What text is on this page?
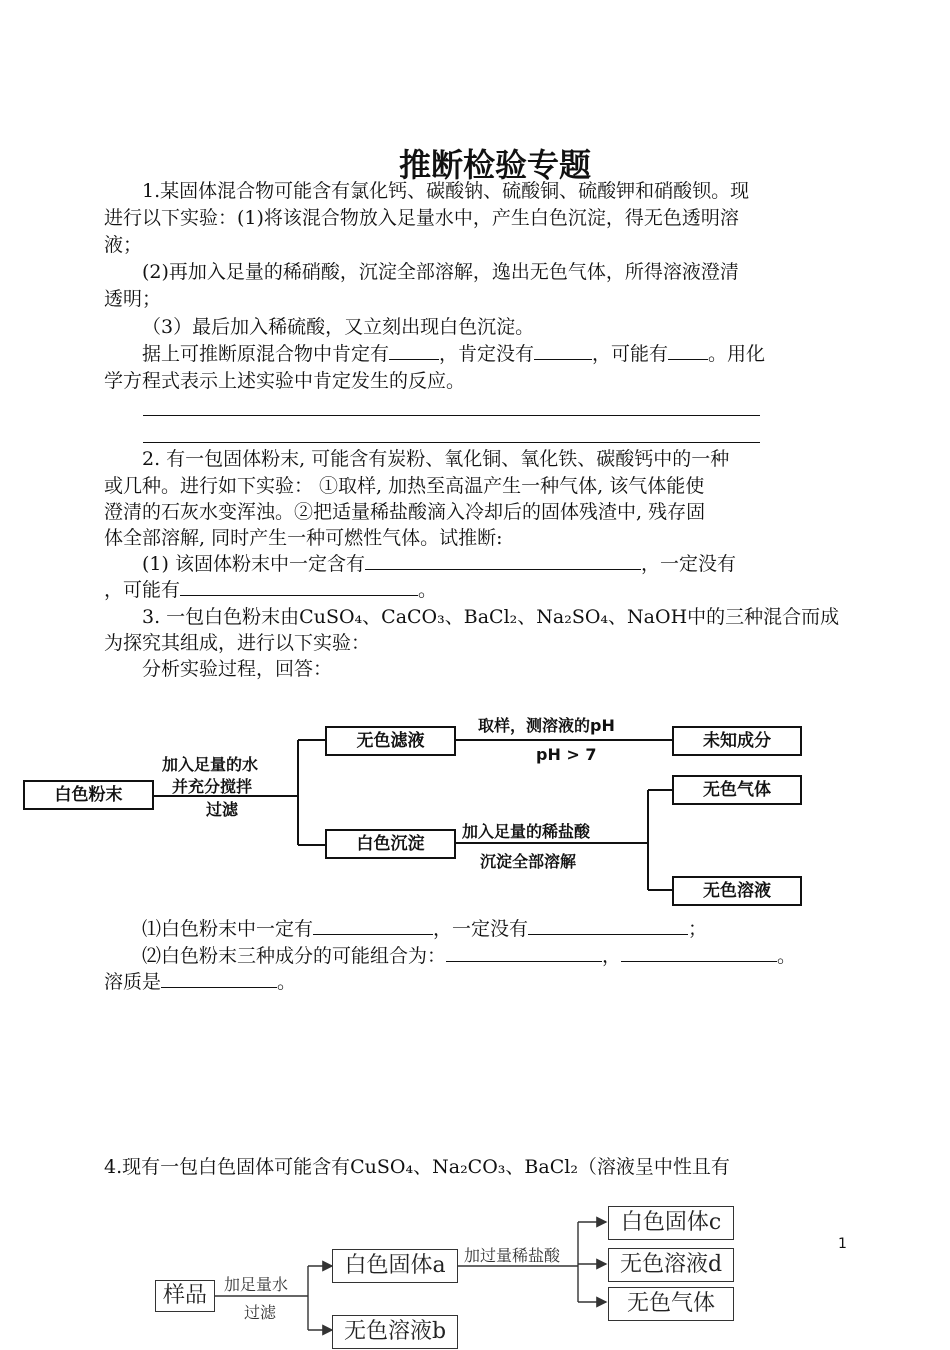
推断检验专题
1.某固体混合物可能含有氯化钙、碳酸钠、硫酸铜、硫酸钾和硝酸钡。现
进行以下实验：(1)将该混合物放入足量水中，产生白色沉淀，得无色透明溶
液；
(2)再加入足量的稀硝酸，沉淀全部溶解，逸出无色气体，所得溶液澄清
透明；
（3）最后加入稀硫酸，又立刻出现白色沉淀。
据上可推断原混合物中肯定有	，肯定没有	，可能有 。用化
学方程式表示上述实验中肯定发生的反应。
2. 有一包固体粉末, 可能含有炭粉、氧化铜、氧化铁、碳酸钙中的一种
或几种。进行如下实验： ①取样, 加热至高温产生一种气体, 该气体能使
澄清的石灰水变浑浊。②把适量稀盐酸滴入冷却后的固体残渣中, 残存固
体全部溶解, 同时产生一种可燃性气体。试推断:
(1) 该固体粉末中一定含有	，一定没有
，可能有	。
3. 一包白色粉末由CuSO₄、CaCO₃、BaCl₂、Na₂SO₄、NaOH中的三种混合而成
为探究其组成，进行以下实验：
分析实验过程，回答：
白色粉末
加入足量的水
并充分搅拌
过滤
无色滤液
白色沉淀
取样，测溶液的pH
pH > 7
未知成分
加入足量的稀盐酸
沉淀全部溶解
无色气体
无色溶液
⑴白色粉末中一定有	，一定没有	；
⑵白色粉末三种成分的可能组合为：	，	。
溶质是	。
4.现有一包白色固体可能含有CuSO₄、Na₂CO₃、BaCl₂（溶液呈中性且有
1
样品	加足量水
过滤
白色固体a
无色溶液b
加过量稀盐酸
白色固体c
无色溶液d
无色气体
